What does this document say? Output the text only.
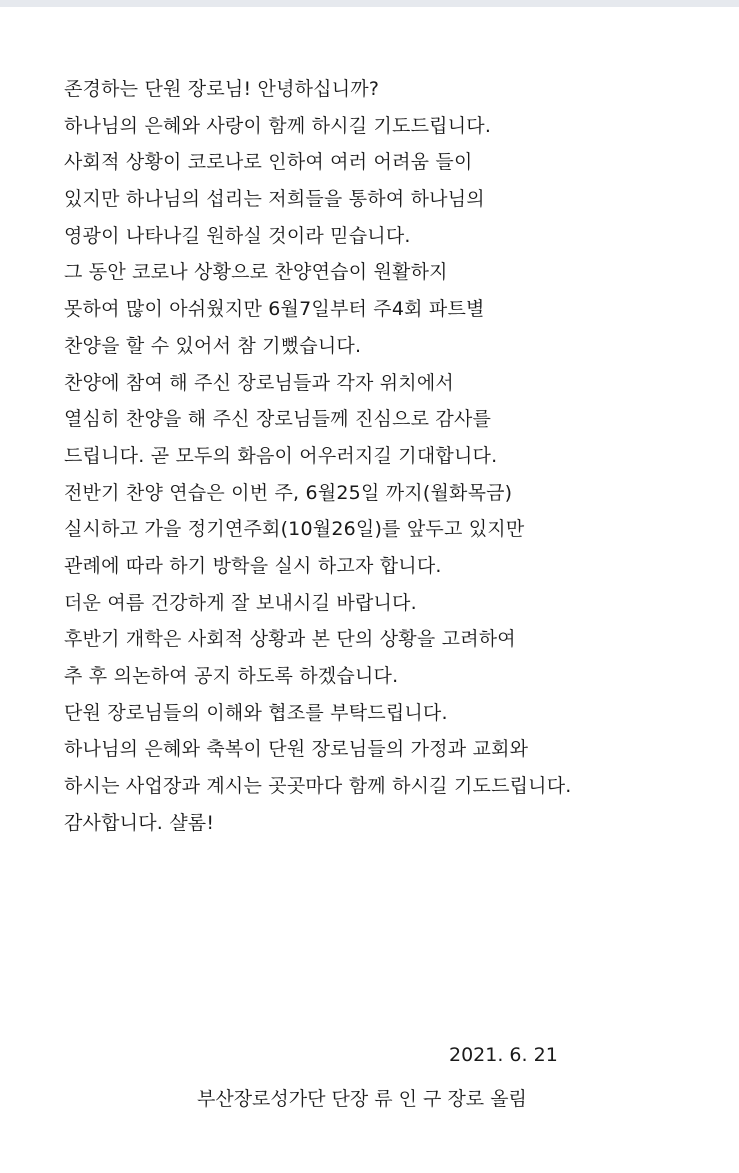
존경하는 단원 장로님! 안녕하십니까?
하나님의 은혜와 사랑이 함께 하시길 기도드립니다.
사회적 상황이 코로나로 인하여 여러 어려움 들이
있지만 하나님의 섭리는 저희들을 통하여 하나님의
영광이 나타나길 원하실 것이라 믿습니다.
그 동안 코로나 상황으로 찬양연습이 원활하지
못하여 많이 아쉬웠지만 6월7일부터 주4회 파트별
찬양을 할 수 있어서 참 기뻤습니다.
찬양에 참여 해 주신 장로님들과 각자 위치에서
열심히 찬양을 해 주신 장로님들께 진심으로 감사를
드립니다. 곧 모두의 화음이 어우러지길 기대합니다.
전반기 찬양 연습은 이번 주, 6월25일 까지(월화목금)
실시하고 가을 정기연주회(10월26일)를 앞두고 있지만
관례에 따라 하기 방학을 실시 하고자 합니다.
더운 여름 건강하게 잘 보내시길 바랍니다.
후반기 개학은 사회적 상황과 본 단의 상황을 고려하여
추 후 의논하여 공지 하도록 하겠습니다.
단원 장로님들의 이해와 협조를 부탁드립니다.
하나님의 은혜와 축복이 단원 장로님들의 가정과 교회와
하시는 사업장과 계시는 곳곳마다 함께 하시길 기도드립니다.
감사합니다. 샬롬!
2021. 6. 21
부산장로성가단 단장 류 인 구 장로 올림
